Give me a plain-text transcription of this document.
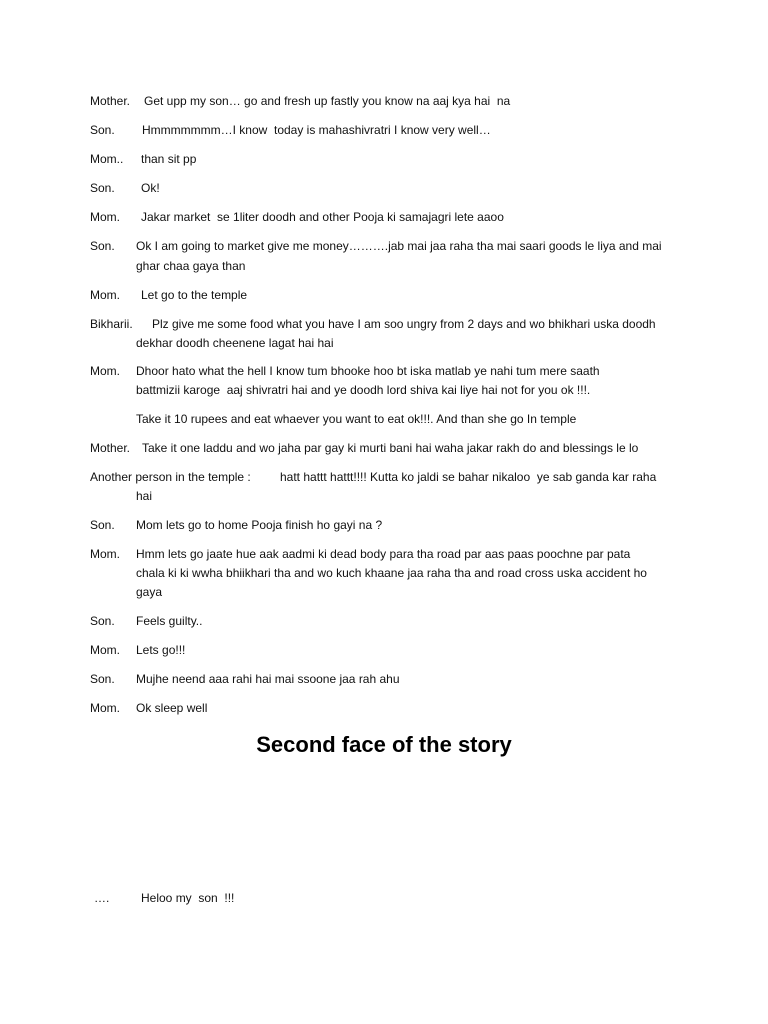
Mother. Get upp my son… go and fresh up fastly you know na aaj kya hai  na
Son. Hmmmmmmm…I know  today is mahashivratri I know very well…
Mom.. than sit pp
Son. Ok!
Mom. Jakar market  se 1liter doodh and other Pooja ki samajagri lete aaoo
Son. Ok I am going to market give me money……….jab mai jaa raha tha mai saari goods le liya and mai
ghar chaa gaya than
Mom. Let go to the temple
Bikharii. Plz give me some food what you have I am soo ungry from 2 days and wo bhikhari uska doodh
dekhar doodh cheenene lagat hai hai
Mom. Dhoor hato what the hell I know tum bhooke hoo bt iska matlab ye nahi tum mere saath
battmizii karoge  aaj shivratri hai and ye doodh lord shiva kai liye hai not for you ok !!!.
Take it 10 rupees and eat whaever you want to eat ok!!!. And than she go In temple
Mother. Take it one laddu and wo jaha par gay ki murti bani hai waha jakar rakh do and blessings le lo
Another person in the temple : hatt hattt hattt!!!! Kutta ko jaldi se bahar nikaloo  ye sab ganda kar raha
hai
Son. Mom lets go to home Pooja finish ho gayi na ?
Mom. Hmm lets go jaate hue aak aadmi ki dead body para tha road par aas paas poochne par pata
chala ki ki wwha bhiikhari tha and wo kuch khaane jaa raha tha and road cross uska accident ho
gaya
Son. Feels guilty..
Mom. Lets go!!!
Son. Mujhe neend aaa rahi hai mai ssoone jaa rah ahu
Mom. Ok sleep well
Second face of the story
….	Heloo my  son  !!!
